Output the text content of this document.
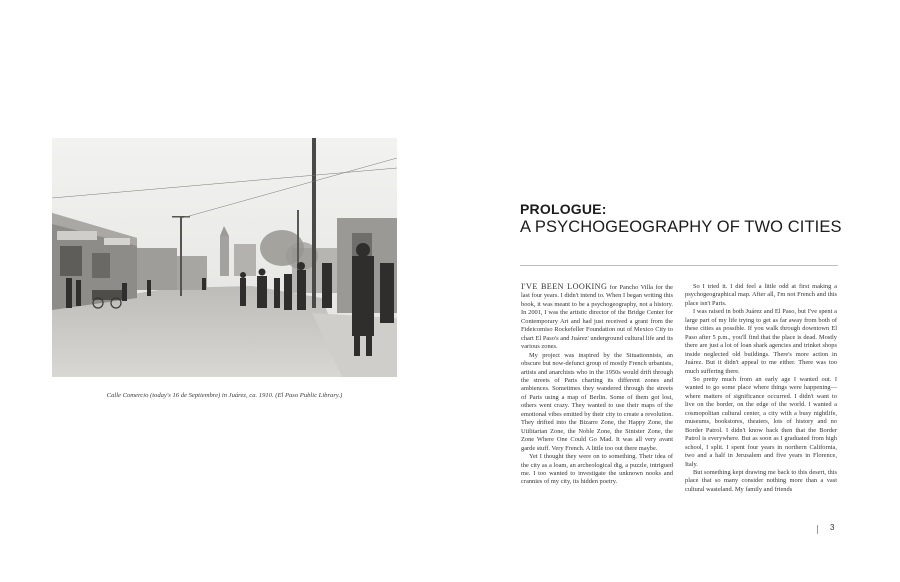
Calle Comercio (today's 16 de Septiembre) in Juárez, ca. 1910. (El Paso Public Library.)
PROLOGUE:
A PSYCHOGEOGRAPHY OF TWO CITIES

I'VE BEEN LOOKING for Pancho Villa for the last four years. I didn't intend to. When I began writing this book, it was meant to be a psychogeography, not a history. In 2001, I was the artistic director of the Bridge Center for Contemporary Art and had just received a grant from the Fideicomiso Rockefeller Foundation out of Mexico City to chart El Paso's and Juárez' underground cultural life and its various zones.

My project was inspired by the Situationnists, an obscure but now-defunct group of mostly French urbanists, artists and anarchists who in the 1950s would drift through the streets of Paris charting its different zones and ambiences. Sometimes they wandered through the streets of Paris using a map of Berlin. Some of them got lost, others went crazy. They wanted to use their maps of the emotional vibes emitted by their city to create a revolution. They drifted into the Bizarre Zone, the Happy Zone, the Utilitarian Zone, the Noble Zone, the Sinister Zone, the Zone Where One Could Go Mad. It was all very avant garde stuff. Very French. A little too out there maybe.

Yet I thought they were on to something. Their idea of the city as a loam, an archeological dig, a puzzle, intrigued me. I too wanted to investigate the unknown nooks and crannies of my city, its hidden poetry.

So I tried it. I did feel a little odd at first making a psychogeographical map. After all, I'm not French and this place isn't Paris.

I was raised in both Juárez and El Paso, but I've spent a large part of my life trying to get as far away from both of these cities as possible. If you walk through downtown El Paso after 5 p.m., you'll find that the place is dead. Mostly there are just a lot of loan shark agencies and trinket shops inside neglected old buildings. There's more action in Juárez. But it didn't appeal to me either. There was too much suffering there.

So pretty much from an early age I wanted out. I wanted to go some place where things were happening—where matters of significance occurred. I didn't want to live on the border, on the edge of the world. I wanted a cosmopolitan cultural center, a city with a busy nightlife, museums, bookstores, theaters, lots of history and no Border Patrol. I didn't know back then that the Border Patrol is everywhere. But as soon as I graduated from high school, I split. I spent four years in northern California, two and a half in Jerusalem and five years in Florence, Italy.

But something kept drawing me back to this desert, this place that so many consider nothing more than a vast cultural wasteland. My family and friends

3
